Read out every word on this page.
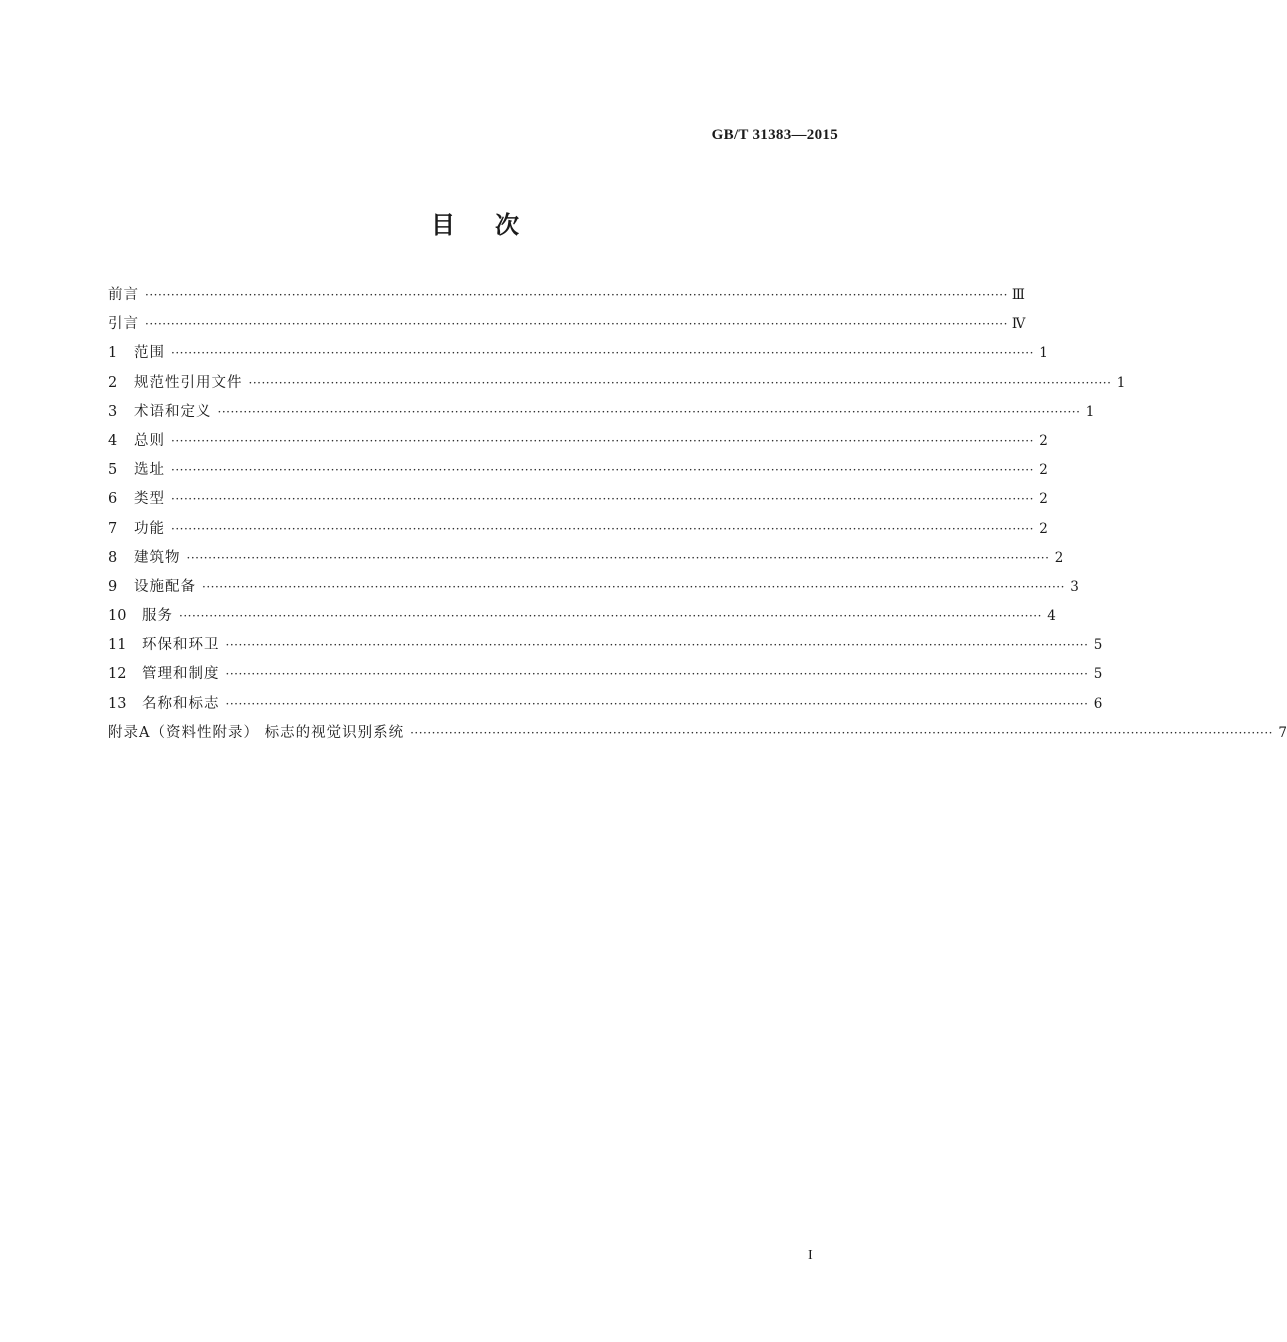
GB/T 31383—2015
目次
前言 ········································································································································································································ Ⅲ
引言 ········································································································································································································ Ⅳ
1	范围 ········································································································································································································ 1
2	规范性引用文件 ········································································································································································································ 1
3	术语和定义 ········································································································································································································ 1
4	总则 ········································································································································································································ 2
5	选址 ········································································································································································································ 2
6	类型 ········································································································································································································ 2
7	功能 ········································································································································································································ 2
8	建筑物 ········································································································································································································ 2
9	设施配备 ········································································································································································································ 3
10	服务 ········································································································································································································ 4
11	环保和环卫 ········································································································································································································ 5
12	管理和制度 ········································································································································································································ 5
13	名称和标志 ········································································································································································································ 6
附录A（资料性附录） 标志的视觉识别系统 ········································································································································································································ 7
I
